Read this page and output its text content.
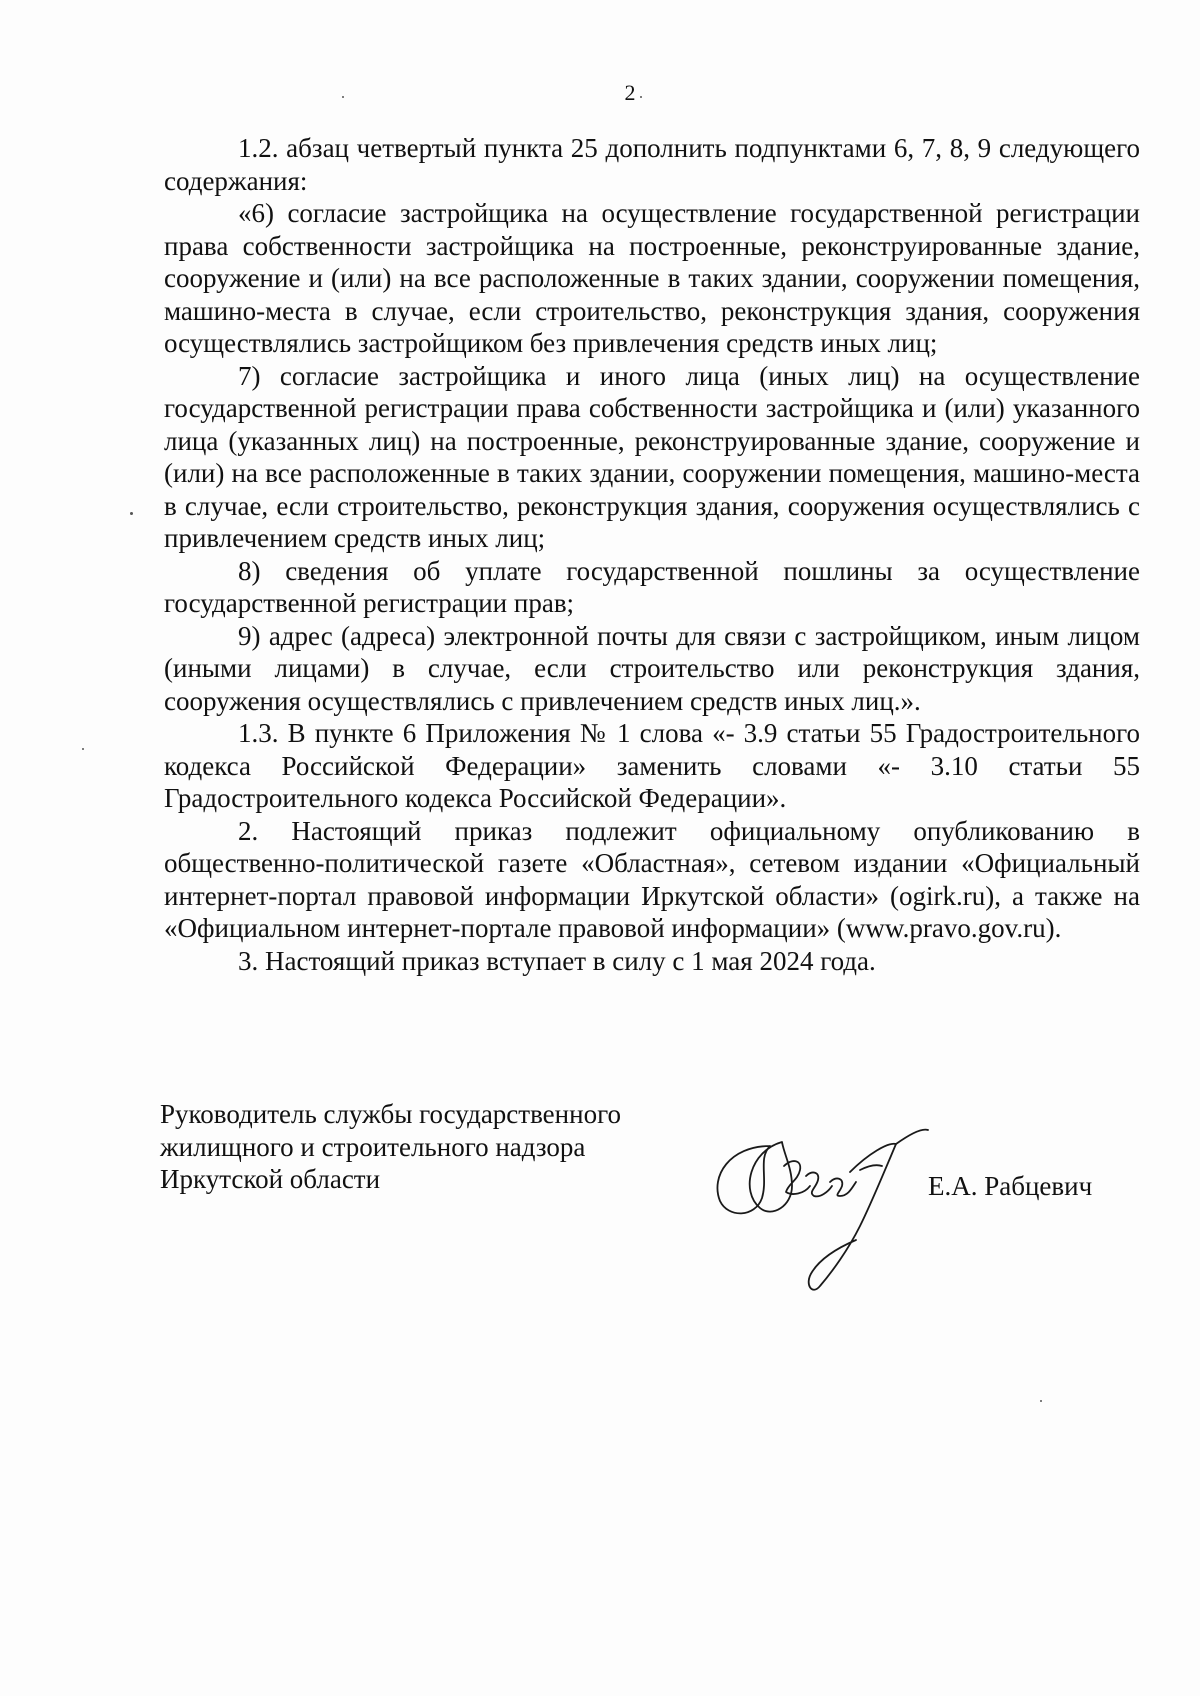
2

1.2. абзац четвертый пункта 25 дополнить подпунктами 6, 7, 8, 9 следующего содержания:

«6) согласие застройщика на осуществление государственной регистрации права собственности застройщика на построенные, реконструированные здание, сооружение и (или) на все расположенные в таких здании, сооружении помещения, машино-места в случае, если строительство, реконструкция здания, сооружения осуществлялись застройщиком без привлечения средств иных лиц;

7) согласие застройщика и иного лица (иных лиц) на осуществление государственной регистрации права собственности застройщика и (или) указанного лица (указанных лиц) на построенные, реконструированные здание, сооружение и (или) на все расположенные в таких здании, сооружении помещения, машино-места в случае, если строительство, реконструкция здания, сооружения осуществлялись с привлечением средств иных лиц;

8) сведения об уплате государственной пошлины за осуществление государственной регистрации прав;

9) адрес (адреса) электронной почты для связи с застройщиком, иным лицом (иными лицами) в случае, если строительство или реконструкция здания, сооружения осуществлялись с привлечением средств иных лиц.».

1.3. В пункте 6 Приложения № 1 слова «- 3.9 статьи 55 Градостроительного кодекса Российской Федерации» заменить словами «- 3.10 статьи 55 Градостроительного кодекса Российской Федерации».

2. Настоящий приказ подлежит официальному опубликованию в общественно-политической газете «Областная», сетевом издании «Официальный интернет-портал правовой информации Иркутской области» (ogirk.ru), а также на «Официальном интернет-портале правовой информации» (www.pravo.gov.ru).

3. Настоящий приказ вступает в силу с 1 мая 2024 года.

Руководитель службы государственного
жилищного и строительного надзора
Иркутской области	Е.А. Рабцевич
